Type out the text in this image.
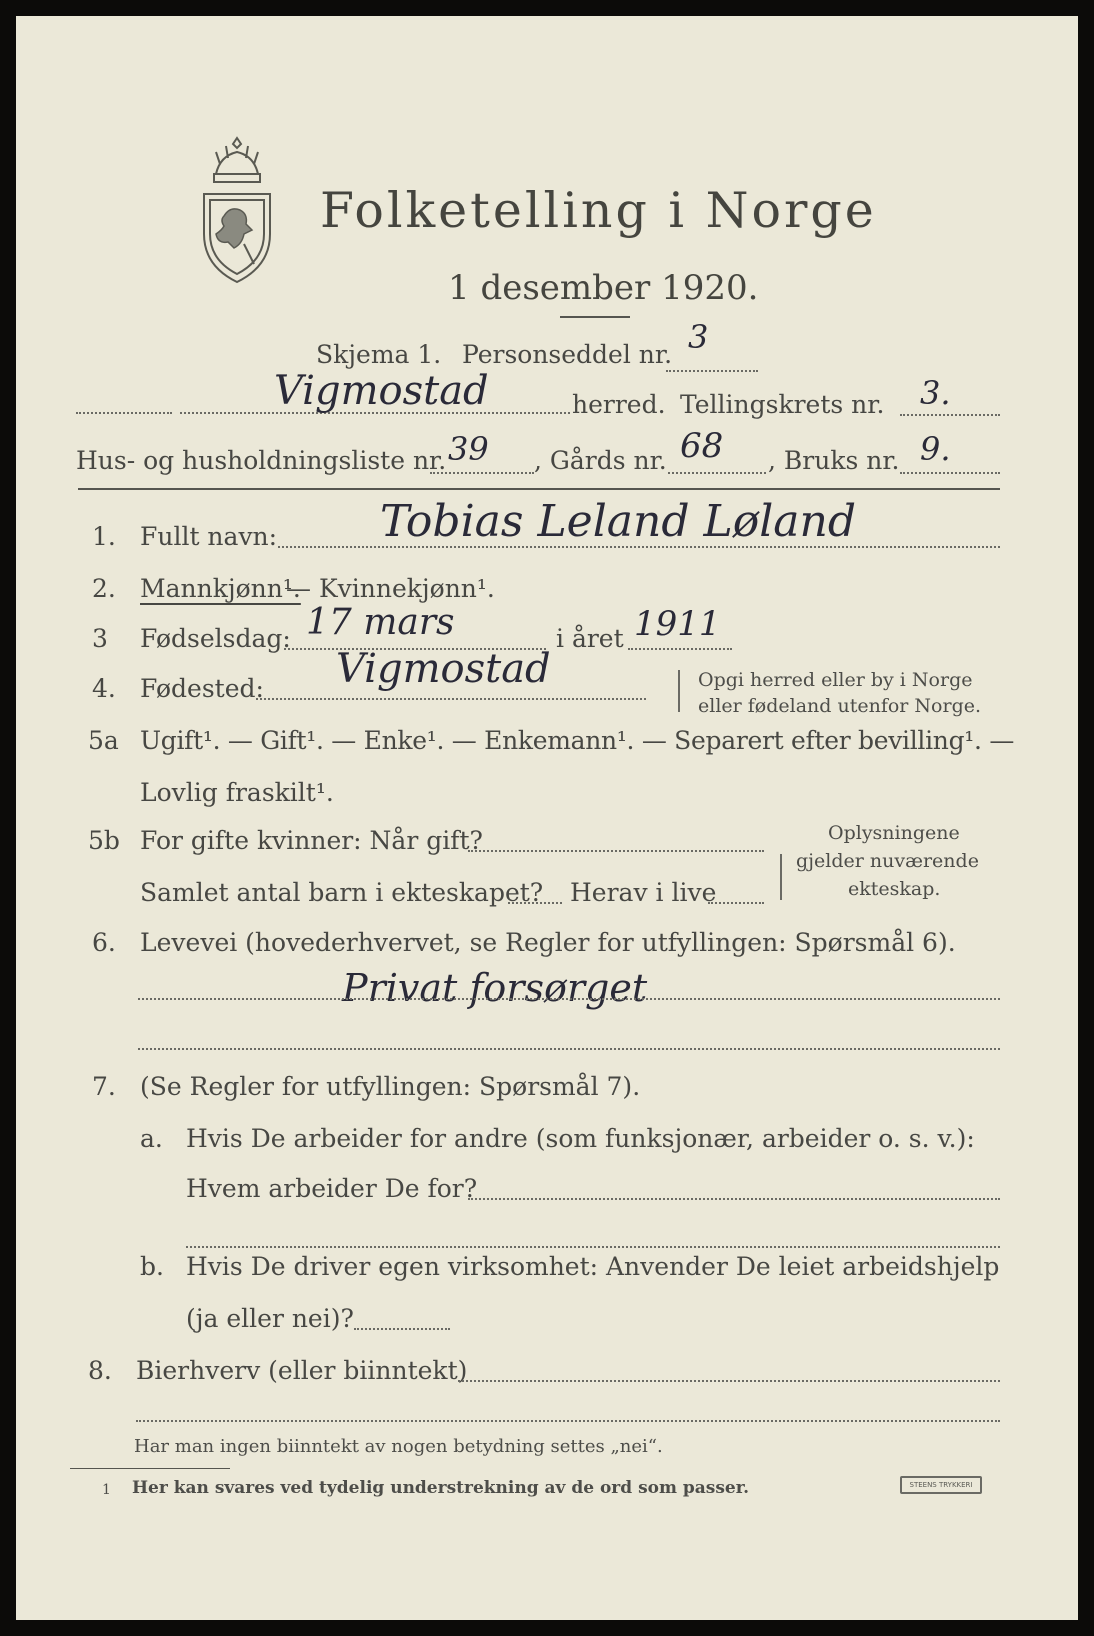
Folketelling i Norge
1 desember 1920.
Skjema 1. Personseddel nr. 3
Vigmostad	herred. Tellingskrets nr. 3.
Hus- og husholdningsliste nr. 39 , Gårds nr. 68 , Bruks nr. 9.
1. Fullt navn: Tobias Leland Løland
2. Mannkjønn¹.
— Kvinnekjønn¹.
3 Fødselsdag: 17 mars	i året 1911
4. Fødested: Vigmostad	Opgi herred eller by i Norge
eller fødeland utenfor Norge.
5a Ugift¹. — Gift¹. — Enke¹. — Enkemann¹. — Separert efter bevilling¹. —
Lovlig fraskilt¹.
5b For gifte kvinner: Når gift?
Samlet antal barn i ekteskapet? Herav i live
Oplysningene
gjelder nuværende
ekteskap.
6. Levevei (hovederhvervet, se Regler for utfyllingen: Spørsmål 6).
Privat forsørget
7. (Se Regler for utfyllingen: Spørsmål 7).
a. Hvis De arbeider for andre (som funksjonær, arbeider o. s. v.):
Hvem arbeider De for?
b. Hvis De driver egen virksomhet: Anvender De leiet arbeidshjelp
(ja eller nei)?
8. Bierhverv (eller biinntekt)
Har man ingen biinntekt av nogen betydning settes „nei“.
1 Her kan svares ved tydelig understrekning av de ord som passer.	STEENS TRYKKERI
